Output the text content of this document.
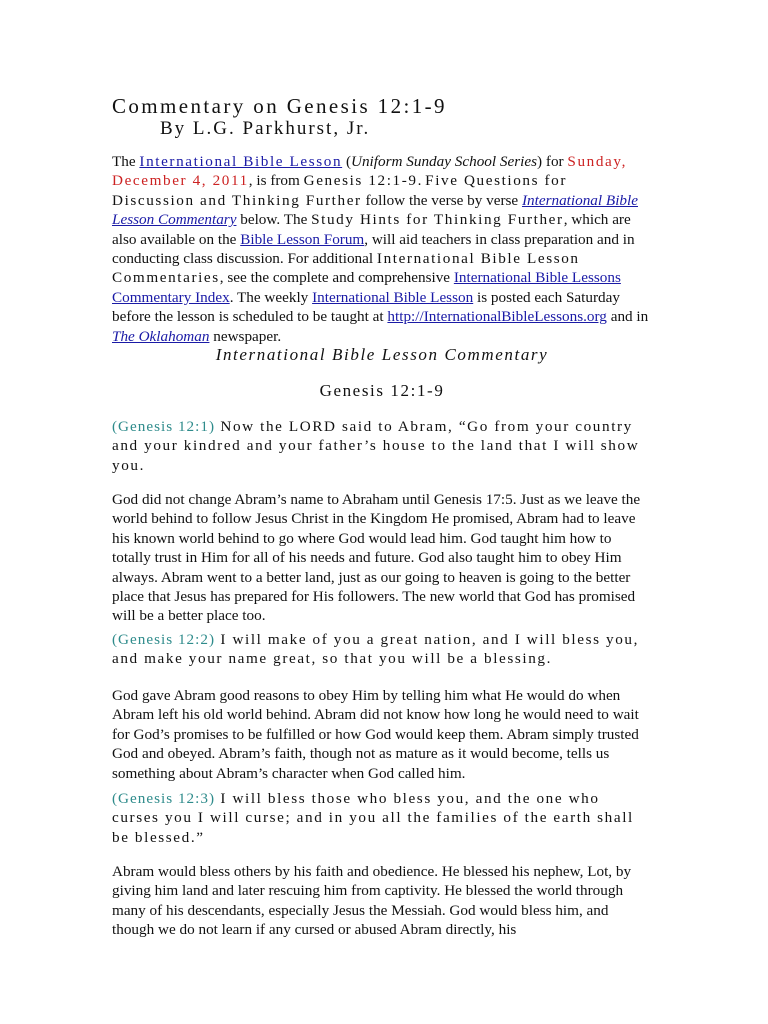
Commentary on Genesis 12:1-9
By L.G. Parkhurst, Jr.
The International Bible Lesson (Uniform Sunday School Series) for Sunday, December 4, 2011, is from Genesis 12:1-9. Five Questions for Discussion and Thinking Further follow the verse by verse International Bible Lesson Commentary below. The Study Hints for Thinking Further, which are also available on the Bible Lesson Forum, will aid teachers in class preparation and in conducting class discussion. For additional International Bible Lesson Commentaries, see the complete and comprehensive International Bible Lessons Commentary Index. The weekly International Bible Lesson is posted each Saturday before the lesson is scheduled to be taught at http://InternationalBibleLessons.org and in The Oklahoman newspaper.
International Bible Lesson Commentary
Genesis 12:1-9
(Genesis 12:1) Now the LORD said to Abram, “Go from your country and your kindred and your father’s house to the land that I will show you.
God did not change Abram’s name to Abraham until Genesis 17:5. Just as we leave the world behind to follow Jesus Christ in the Kingdom He promised, Abram had to leave his known world behind to go where God would lead him. God taught him how to totally trust in Him for all of his needs and future. God also taught him to obey Him always. Abram went to a better land, just as our going to heaven is going to the better place that Jesus has prepared for His followers. The new world that God has promised will be a better place too.
(Genesis 12:2) I will make of you a great nation, and I will bless you, and make your name great, so that you will be a blessing.
God gave Abram good reasons to obey Him by telling him what He would do when Abram left his old world behind. Abram did not know how long he would need to wait for God’s promises to be fulfilled or how God would keep them. Abram simply trusted God and obeyed. Abram’s faith, though not as mature as it would become, tells us something about Abram’s character when God called him.
(Genesis 12:3) I will bless those who bless you, and the one who curses you I will curse; and in you all the families of the earth shall be blessed.”
Abram would bless others by his faith and obedience. He blessed his nephew, Lot, by giving him land and later rescuing him from captivity. He blessed the world through many of his descendants, especially Jesus the Messiah. God would bless him, and though we do not learn if any cursed or abused Abram directly, his
